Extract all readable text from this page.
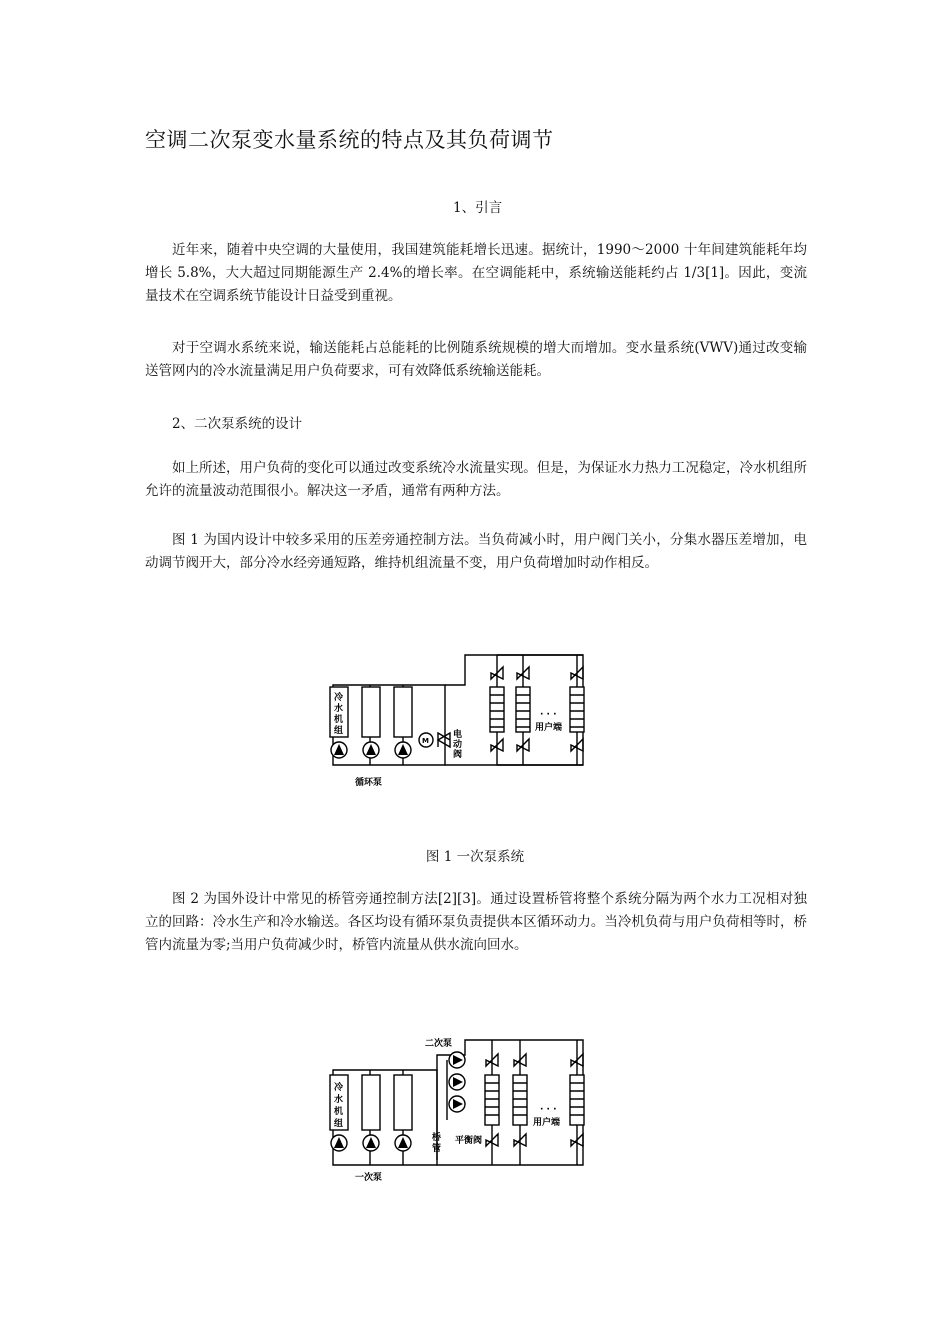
空调二次泵变水量系统的特点及其负荷调节
1、引言

近年来，随着中央空调的大量使用，我国建筑能耗增长迅速。据统计，1990～2000 十年间建筑能耗年均增长 5.8%，大大超过同期能源生产 2.4%的增长率。在空调能耗中，系统输送能耗约占 1/3[1]。因此，变流量技术在空调系统节能设计日益受到重视。

对于空调水系统来说，输送能耗占总能耗的比例随系统规模的增大而增加。变水量系统(VWV)通过改变输送管网内的冷水流量满足用户负荷要求，可有效降低系统输送能耗。

2、二次泵系统的设计

如上所述，用户负荷的变化可以通过改变系统冷水流量实现。但是，为保证水力热力工况稳定，冷水机组所允许的流量波动范围很小。解决这一矛盾，通常有两种方法。

图 1 为国内设计中较多采用的压差旁通控制方法。当负荷减小时，用户阀门关小，分集水器压差增加，电动调节阀开大，部分冷水经旁通短路，维持机组流量不变，用户负荷增加时动作相反。

冷
水
机
组
循环泵
M
电
动
阀
· · ·
用户端
图 1 一次泵系统

图 2 为国外设计中常见的桥管旁通控制方法[2][3]。通过设置桥管将整个系统分隔为两个水力工况相对独立的回路：冷水生产和冷水输送。各区均设有循环泵负责提供本区循环动力。当冷机负荷与用户负荷相等时，桥管内流量为零;当用户负荷减少时，桥管内流量从供水流向回水。

冷
水
机
组
一次泵
二次泵
桥
管
· · ·
用户端
平衡阀
